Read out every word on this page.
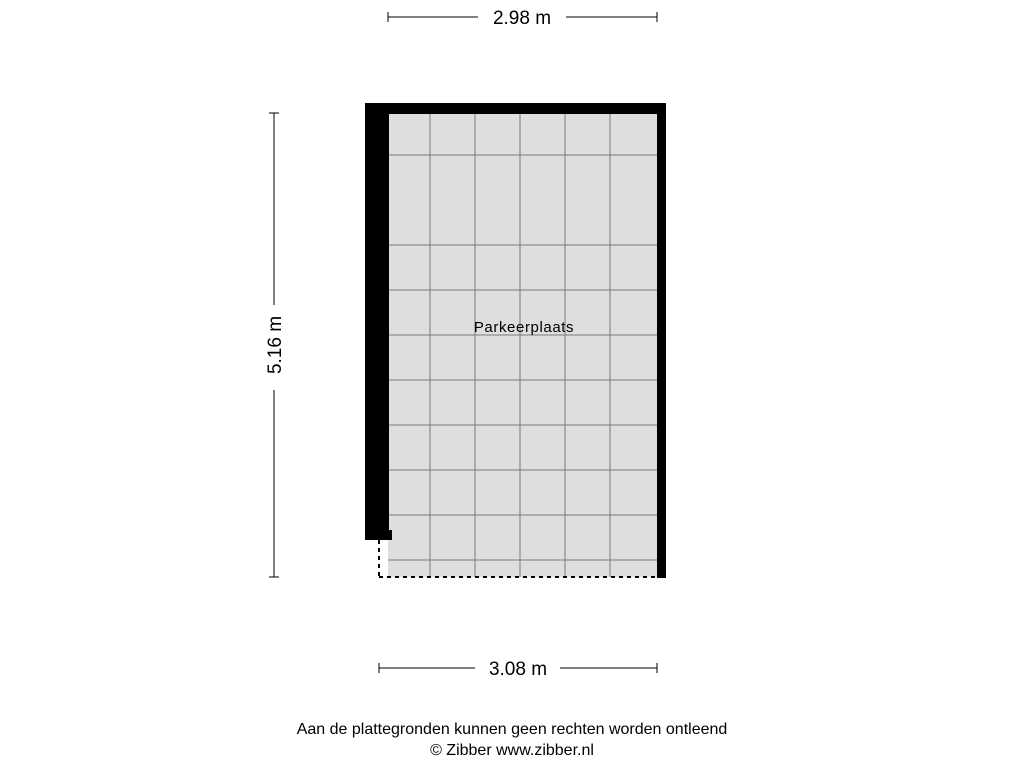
2.98 m
5.16 m	Parkeerplaats
3.08 m
Aan de plattegronden kunnen geen rechten worden ontleend
© Zibber www.zibber.nl
